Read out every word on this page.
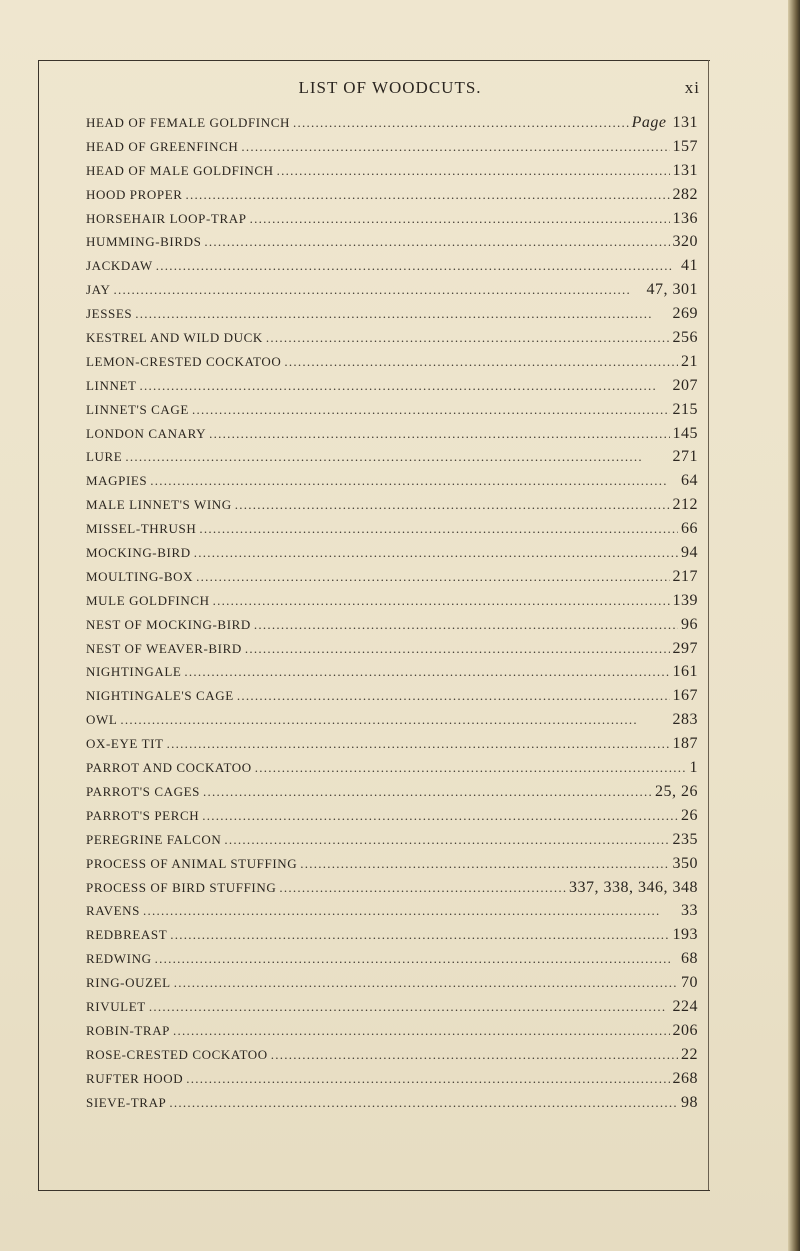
LIST OF WOODCUTS.	xi
HEAD OF FEMALE GOLDFINCH . . .	Page 131
HEAD OF GREENFINCH . . .	157
HEAD OF MALE GOLDFINCH . . .	131
HOOD PROPER . . .	282
HORSEHAIR LOOP-TRAP . . .	136
HUMMING-BIRDS . . .	320
JACKDAW . . .	41
JAY . . .	47, 301
JESSES . . .	269
KESTREL AND WILD DUCK . . .	256
LEMON-CRESTED COCKATOO . . .	21
LINNET . . .	207
LINNET'S CAGE . . .	215
LONDON CANARY . . .	145
LURE . . .	271
MAGPIES . . .	64
MALE LINNET'S WING . . .	212
MISSEL-THRUSH . . .	66
MOCKING-BIRD . . .	94
MOULTING-BOX . . .	217
MULE GOLDFINCH . . .	139
NEST OF MOCKING-BIRD . . .	96
NEST OF WEAVER-BIRD . . .	297
NIGHTINGALE . . .	161
NIGHTINGALE'S CAGE . . .	167
OWL . . .	283
OX-EYE TIT . . .	187
PARROT AND COCKATOO . . .	1
PARROT'S CAGES . . .	25, 26
PARROT'S PERCH . . .	26
PEREGRINE FALCON . . .	235
PROCESS OF ANIMAL STUFFING . . .	350
PROCESS OF BIRD STUFFING . . .	337, 338, 346, 348
RAVENS . . .	33
REDBREAST . . .	193
REDWING . . .	68
RING-OUZEL . . .	70
RIVULET . . .	224
ROBIN-TRAP . . .	206
ROSE-CRESTED COCKATOO . . .	22
RUFTER HOOD . . .	268
SIEVE-TRAP . . .	98
